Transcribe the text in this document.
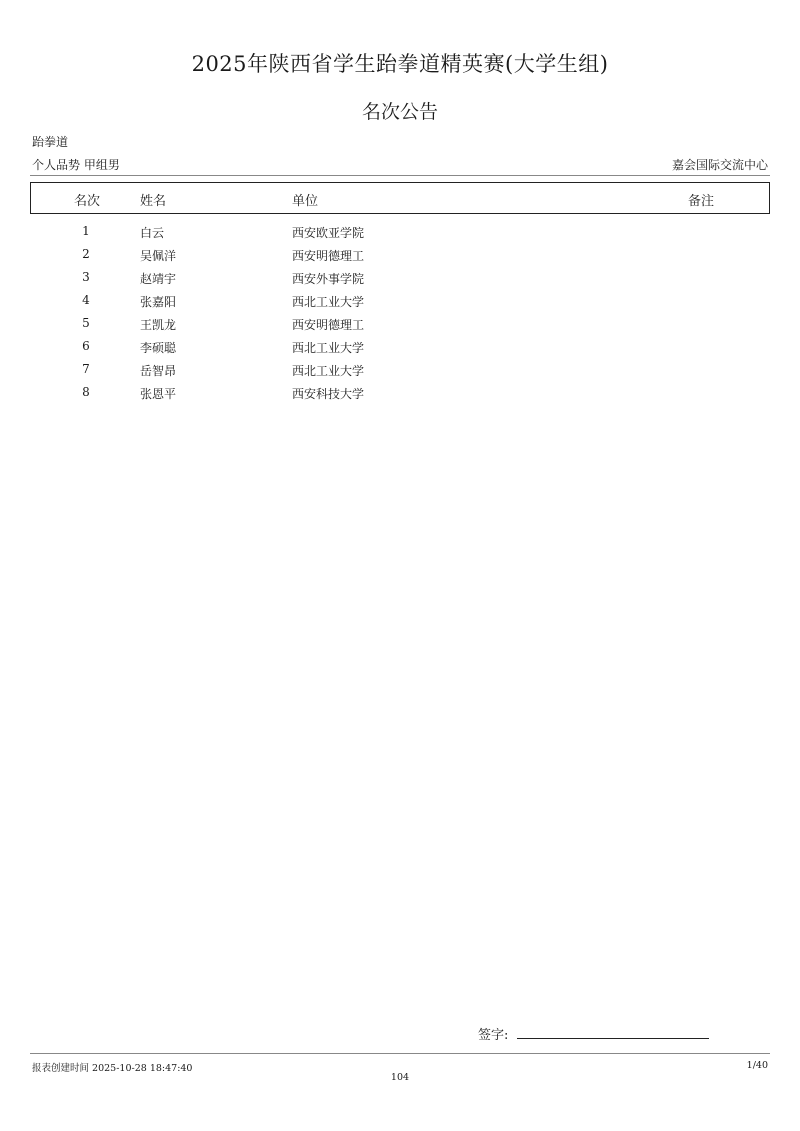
2025年陕西省学生跆拳道精英赛(大学生组)
名次公告
跆拳道
个人品势 甲组男	嘉会国际交流中心
名次	姓名	单位	备注
1	白云	西安欧亚学院
2	吴佩洋	西安明德理工
3	赵靖宇	西安外事学院
4	张嘉阳	西北工业大学
5	王凯龙	西安明德理工
6	李硕聪	西北工业大学
7	岳智昂	西北工业大学
8	张恩平	西安科技大学
签字:
报表创建时间 2025-10-28 18:47:40	1/40
104
